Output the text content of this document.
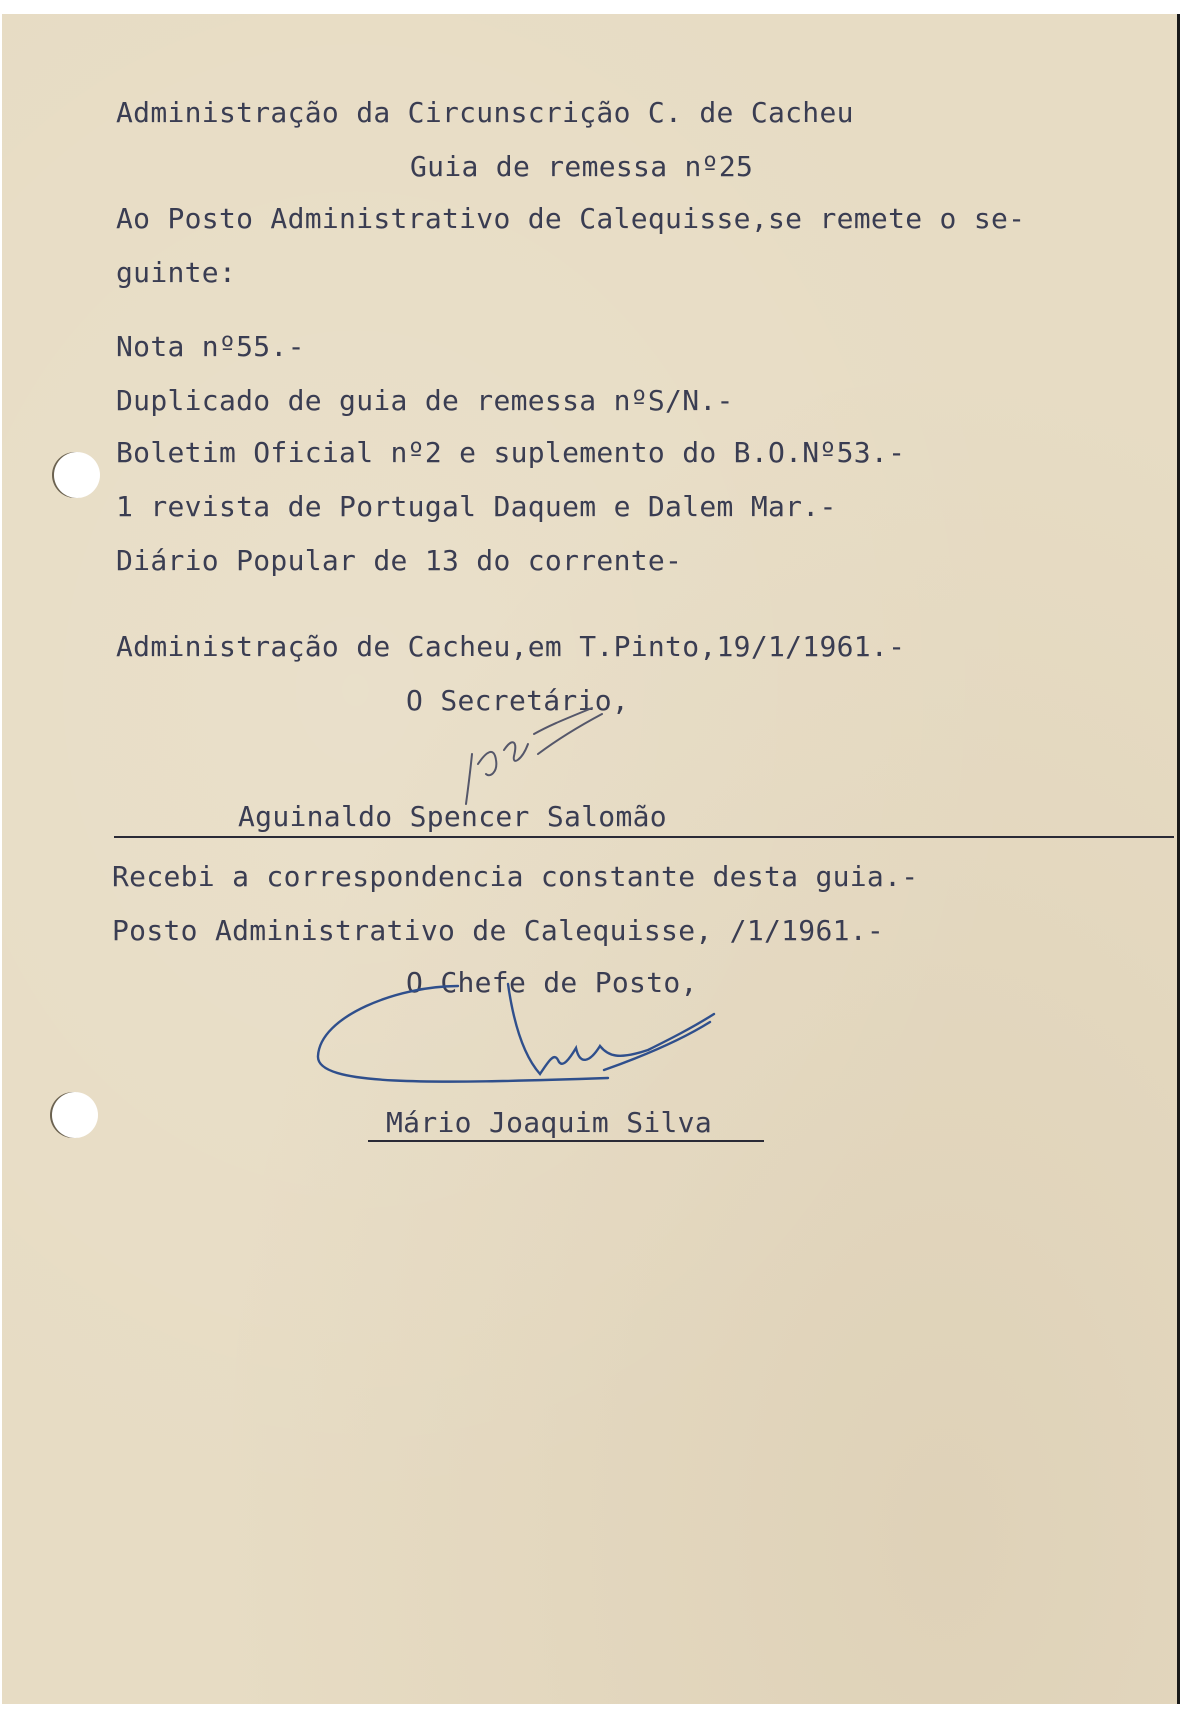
Administração da Circunscrição C. de Cacheu
Guia de remessa nº25
Ao Posto Administrativo de Calequisse,se remete o se-
guinte:
Nota nº55.-
Duplicado de guia de remessa nºS/N.-
Boletim Oficial nº2 e suplemento do B.O.Nº53.-
1 revista de Portugal Daquem e Dalem Mar.-
Diário Popular de 13 do corrente-
Administração de Cacheu,em T.Pinto,19/1/1961.-
O Secretário,
Aguinaldo Spencer Salomão
Recebi a correspondencia constante desta guia.-
Posto Administrativo de Calequisse, /1/1961.-
O Chefe de Posto,
Mário Joaquim Silva
